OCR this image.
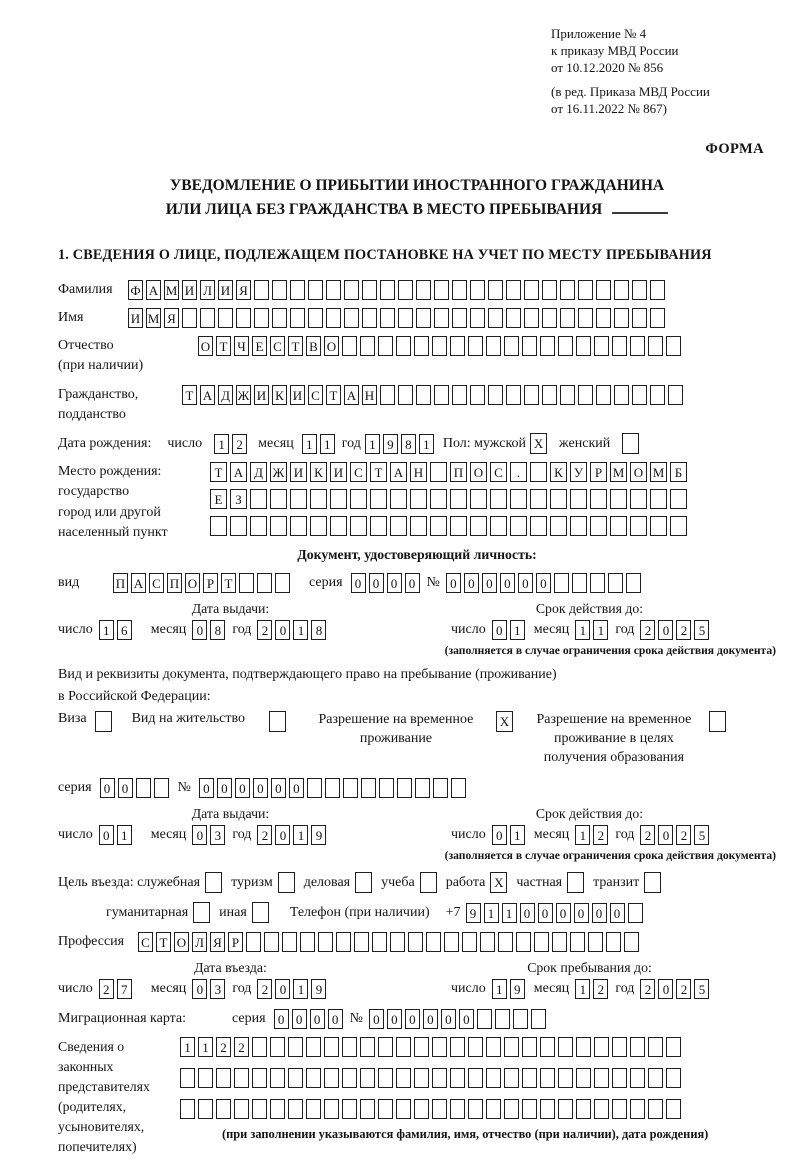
Приложение № 4
к приказу МВД России
от 10.12.2020 № 856
(в ред. Приказа МВД России
от 16.11.2022 № 867)
ФОРМА
УВЕДОМЛЕНИЕ О ПРИБЫТИИ ИНОСТРАННОГО ГРАЖДАНИНА
ИЛИ ЛИЦА БЕЗ ГРАЖДАНСТВА В МЕСТО ПРЕБЫВАНИЯ
1. СВЕДЕНИЯ О ЛИЦЕ, ПОДЛЕЖАЩЕМ ПОСТАНОВКЕ НА УЧЕТ ПО МЕСТУ ПРЕБЫВАНИЯ
Фамилия	Ф А М И Л И Я
Имя	И М Я
Отчество
(при наличии)
О Т Ч Е С Т В О
Гражданство,
подданство
Т А Д Ж И К И С Т А Н
Дата рождения: число	1 2	месяц 1 1 год 1 9 8 1 Пол: мужской X женский
Место рождения:
государство
город или другой
населенный пункт
Т А Д Ж И К И С Т А Н П О С .	К У Р М О М Б
Е З
Документ, удостоверяющий личность:
вид	П А С П О Р Т	серия 0 0 0 0 № 0 0 0 0 0 0
Дата выдачи:
число 1 6	месяц 0 8 год 2 0 1 8
Срок действия до:
число 0 1 месяц 1 1 год 2 0 2 5
(заполняется в случае ограничения срока действия документа)
Вид и реквизиты документа, подтверждающего право на пребывание (проживание)
в Российской Федерации:
Виза	Вид на жительство	Разрешение на временное проживание
X	Разрешение на временное проживание в целях получения образования
серия 0 0	№ 0 0 0 0 0 0
Дата выдачи:
число 0 1	месяц 0 3 год 2 0 1 9
Срок действия до:
число 0 1 месяц 1 2 год 2 0 2 5
(заполняется в случае ограничения срока действия документа)
Цель въезда: служебная туризм деловая учеба работа X частная транзит
гуманитарная иная	Телефон (при наличии) +7 9 1 1 0 0 0 0 0 0
Профессия	С Т О Л Я Р
Дата въезда:
число 2 7	месяц 0 3 год 2 0 1 9
Срок пребывания до:
число 1 9 месяц 1 2 год 2 0 2 5
Миграционная карта:	серия 0 0 0 0 № 0 0 0 0 0 0
Сведения о
законных
представителях
(родителях,
усыновителях,
попечителях)
1 1 2 2
(при заполнении указываются фамилия, имя, отчество (при наличии), дата рождения)
